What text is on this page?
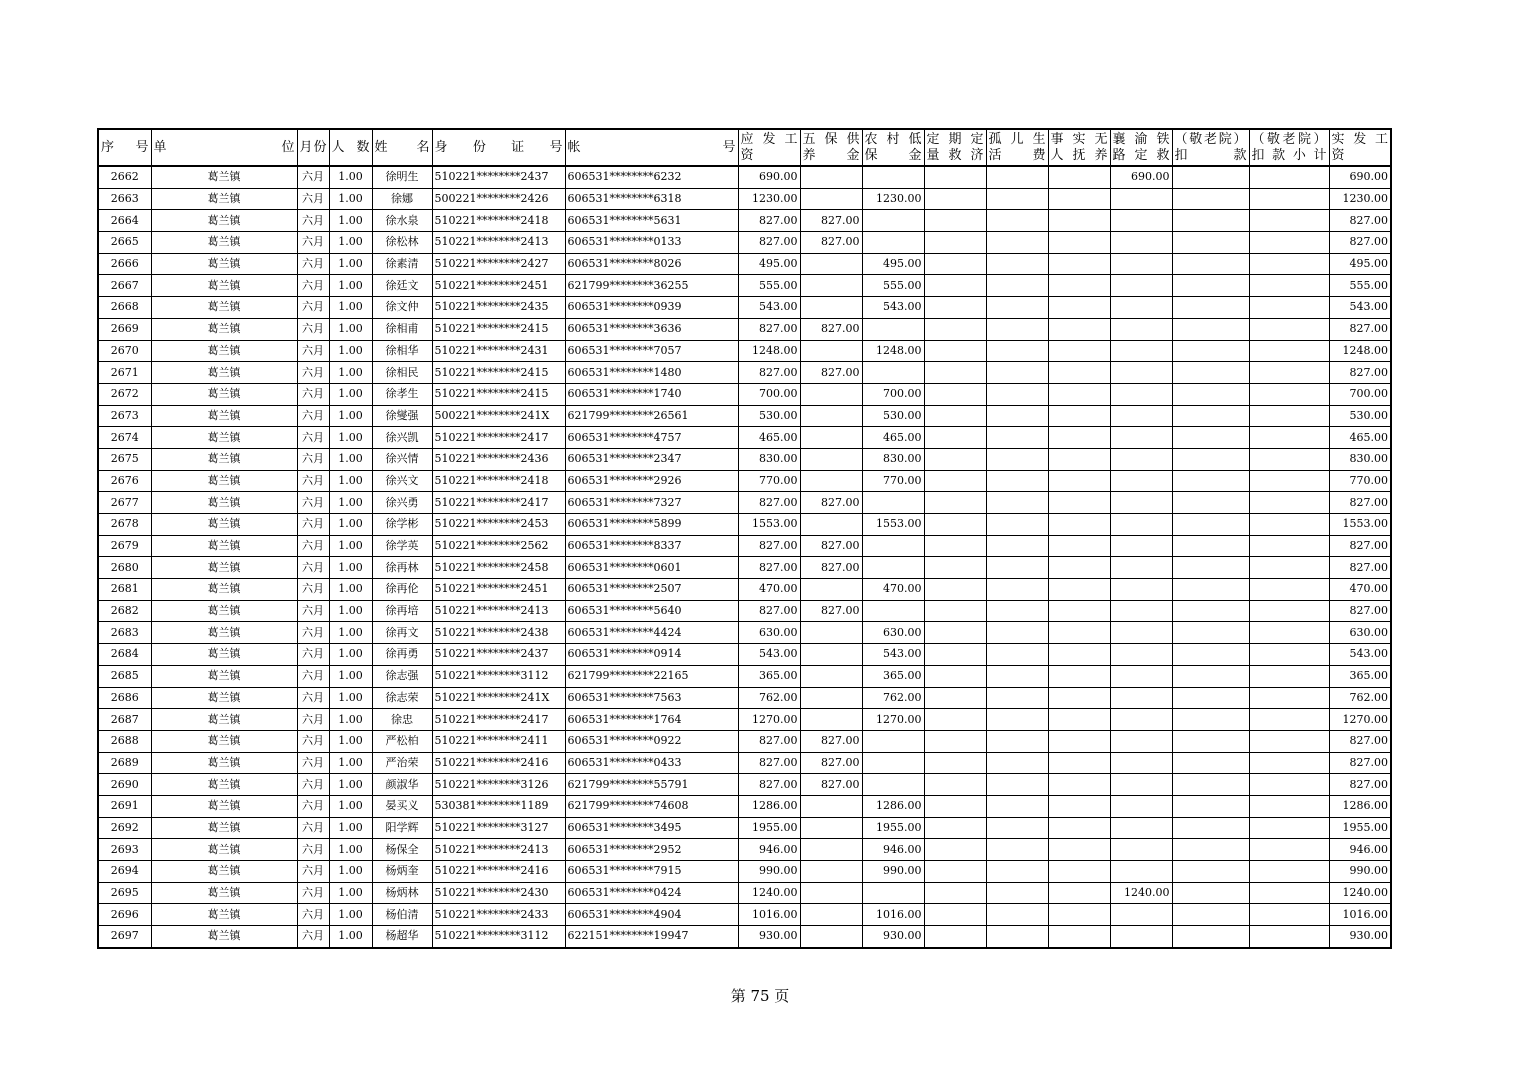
序　号	单　　位	月份	人 数	姓　名	身　份　证　号	帐　　　号	应 发 工资	五 保 供养　金	农 村 低保　金	定 期 定量 救 济	孤 儿 生活　费	事 实 无人 抚 养	襄 渝 铁路 定 救	（敬老院）扣　款	（敬老院）扣 款 小 计	实 发 工资
2662	葛兰镇	六月	1.00	徐明生	510221********2437	606531********6232	690.00						690.00			690.00
2663	葛兰镇	六月	1.00	徐娜	500221********2426	606531********6318	1230.00		1230.00							1230.00
2664	葛兰镇	六月	1.00	徐水泉	510221********2418	606531********5631	827.00	827.00								827.00
2665	葛兰镇	六月	1.00	徐松林	510221********2413	606531********0133	827.00	827.00								827.00
2666	葛兰镇	六月	1.00	徐素清	510221********2427	606531********8026	495.00		495.00							495.00
2667	葛兰镇	六月	1.00	徐廷文	510221********2451	621799********36255	555.00		555.00							555.00
2668	葛兰镇	六月	1.00	徐文仲	510221********2435	606531********0939	543.00		543.00							543.00
2669	葛兰镇	六月	1.00	徐相甫	510221********2415	606531********3636	827.00	827.00								827.00
2670	葛兰镇	六月	1.00	徐相华	510221********2431	606531********7057	1248.00		1248.00							1248.00
2671	葛兰镇	六月	1.00	徐相民	510221********2415	606531********1480	827.00	827.00								827.00
2672	葛兰镇	六月	1.00	徐孝生	510221********2415	606531********1740	700.00		700.00							700.00
2673	葛兰镇	六月	1.00	徐燮强	500221********241X	621799********26561	530.00		530.00							530.00
2674	葛兰镇	六月	1.00	徐兴凯	510221********2417	606531********4757	465.00		465.00							465.00
2675	葛兰镇	六月	1.00	徐兴情	510221********2436	606531********2347	830.00		830.00							830.00
2676	葛兰镇	六月	1.00	徐兴文	510221********2418	606531********2926	770.00		770.00							770.00
2677	葛兰镇	六月	1.00	徐兴勇	510221********2417	606531********7327	827.00	827.00								827.00
2678	葛兰镇	六月	1.00	徐学彬	510221********2453	606531********5899	1553.00		1553.00							1553.00
2679	葛兰镇	六月	1.00	徐学英	510221********2562	606531********8337	827.00	827.00								827.00
2680	葛兰镇	六月	1.00	徐再林	510221********2458	606531********0601	827.00	827.00								827.00
2681	葛兰镇	六月	1.00	徐再伦	510221********2451	606531********2507	470.00		470.00							470.00
2682	葛兰镇	六月	1.00	徐再培	510221********2413	606531********5640	827.00	827.00								827.00
2683	葛兰镇	六月	1.00	徐再文	510221********2438	606531********4424	630.00		630.00							630.00
2684	葛兰镇	六月	1.00	徐再勇	510221********2437	606531********0914	543.00		543.00							543.00
2685	葛兰镇	六月	1.00	徐志强	510221********3112	621799********22165	365.00		365.00							365.00
2686	葛兰镇	六月	1.00	徐志荣	510221********241X	606531********7563	762.00		762.00							762.00
2687	葛兰镇	六月	1.00	徐忠	510221********2417	606531********1764	1270.00		1270.00							1270.00
2688	葛兰镇	六月	1.00	严松柏	510221********2411	606531********0922	827.00	827.00								827.00
2689	葛兰镇	六月	1.00	严治荣	510221********2416	606531********0433	827.00	827.00								827.00
2690	葛兰镇	六月	1.00	颜淑华	510221********3126	621799********55791	827.00	827.00								827.00
2691	葛兰镇	六月	1.00	晏买义	530381********1189	621799********74608	1286.00		1286.00							1286.00
2692	葛兰镇	六月	1.00	阳学辉	510221********3127	606531********3495	1955.00		1955.00							1955.00
2693	葛兰镇	六月	1.00	杨保全	510221********2413	606531********2952	946.00		946.00							946.00
2694	葛兰镇	六月	1.00	杨炳奎	510221********2416	606531********7915	990.00		990.00							990.00
2695	葛兰镇	六月	1.00	杨炳林	510221********2430	606531********0424	1240.00						1240.00			1240.00
2696	葛兰镇	六月	1.00	杨伯清	510221********2433	606531********4904	1016.00		1016.00							1016.00
2697	葛兰镇	六月	1.00	杨超华	510221********3112	622151********19947	930.00		930.00							930.00
第 75 页
